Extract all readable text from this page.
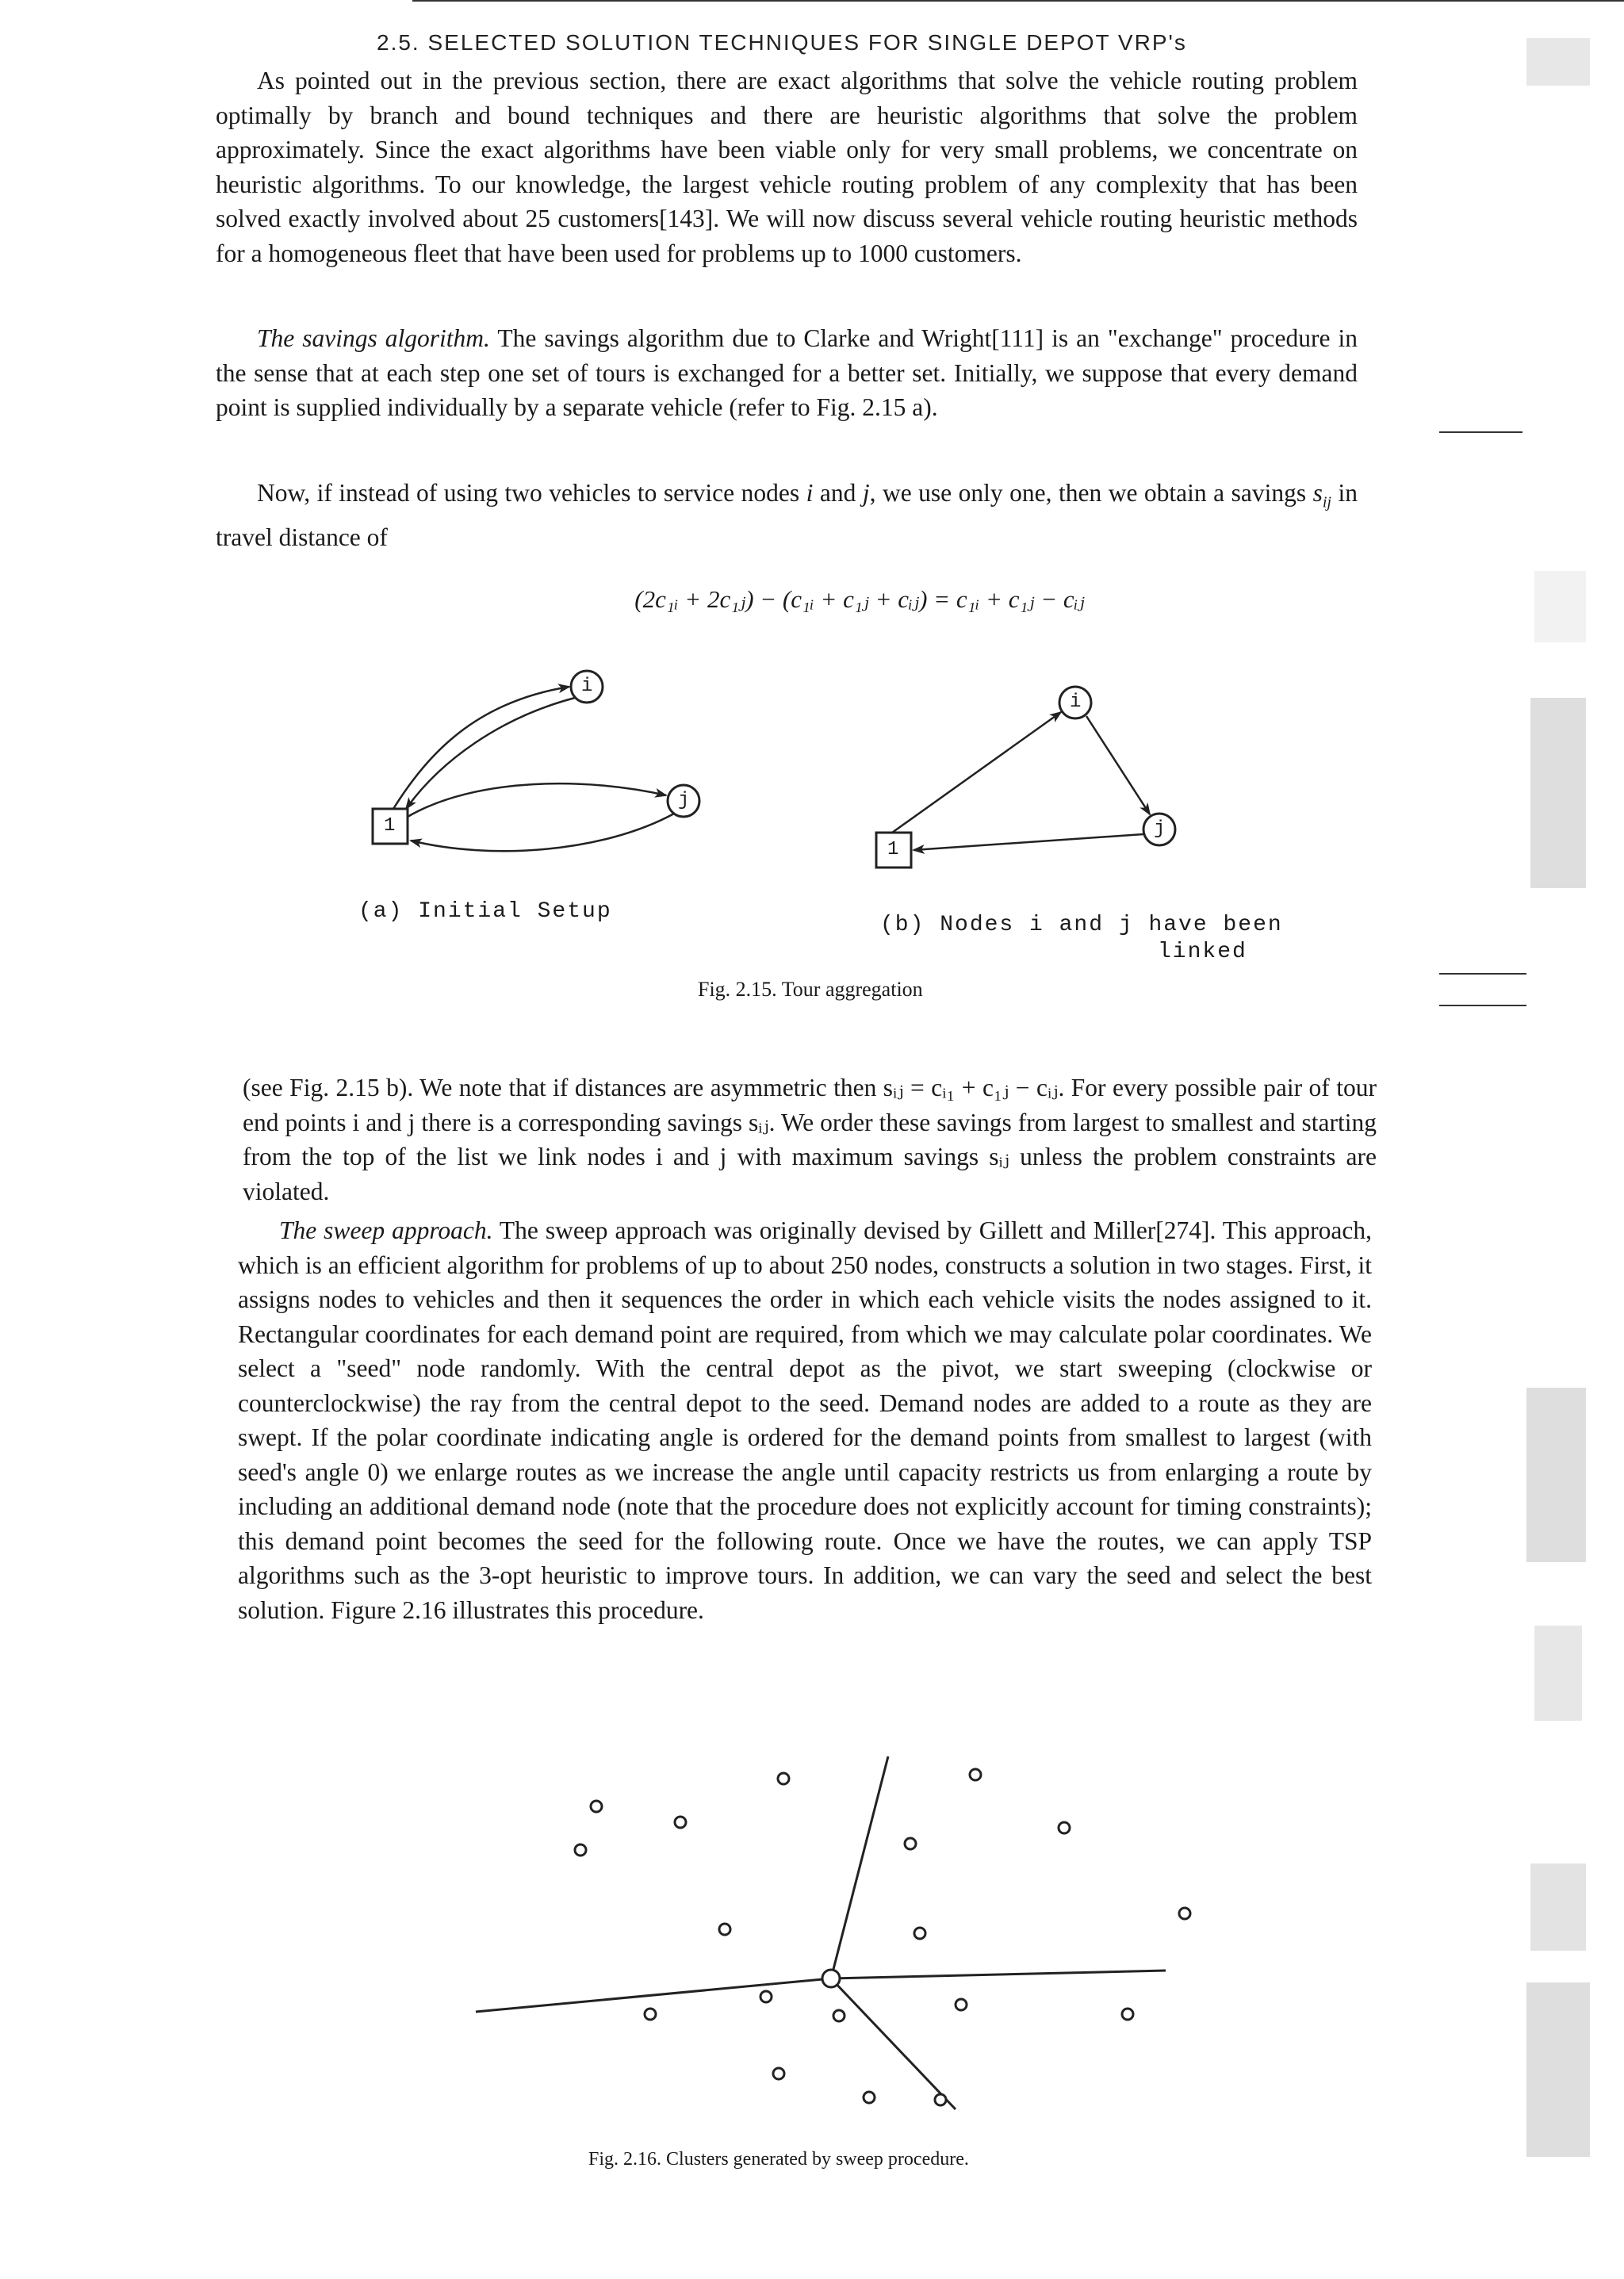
2.5. SELECTED SOLUTION TECHNIQUES FOR SINGLE DEPOT VRP's

As pointed out in the previous section, there are exact algorithms that solve the vehicle routing problem optimally by branch and bound techniques and there are heuristic algorithms that solve the problem approximately. Since the exact algorithms have been viable only for very small problems, we concentrate on heuristic algorithms. To our knowledge, the largest vehicle routing problem of any complexity that has been solved exactly involved about 25 customers[143]. We will now discuss several vehicle routing heuristic methods for a homogeneous fleet that have been used for problems up to 1000 customers.

The savings algorithm. The savings algorithm due to Clarke and Wright[111] is an "exchange" procedure in the sense that at each step one set of tours is exchanged for a better set. Initially, we suppose that every demand point is supplied individually by a separate vehicle (refer to Fig. 2.15 a).

Now, if instead of using two vehicles to service nodes i and j, we use only one, then we obtain a savings $s_{ij}$ in travel distance of

(2c₁ᵢ + 2c₁ⱼ) − (c₁ᵢ + c₁ⱼ + cᵢⱼ) = c₁ᵢ + c₁ⱼ − cᵢⱼ
1
i
j
1
i
j
(a) Initial Setup
(b) Nodes i and j have been
linked
Fig. 2.15. Tour aggregation

(see Fig. 2.15 b). We note that if distances are asymmetric then sᵢⱼ = cᵢ₁ + c₁ⱼ − cᵢⱼ. For every possible pair of tour end points i and j there is a corresponding savings sᵢⱼ. We order these savings from largest to smallest and starting from the top of the list we link nodes i and j with maximum savings sᵢⱼ unless the problem constraints are violated.

The sweep approach. The sweep approach was originally devised by Gillett and Miller[274]. This approach, which is an efficient algorithm for problems of up to about 250 nodes, constructs a solution in two stages. First, it assigns nodes to vehicles and then it sequences the order in which each vehicle visits the nodes assigned to it. Rectangular coordinates for each demand point are required, from which we may calculate polar coordinates. We select a "seed" node randomly. With the central depot as the pivot, we start sweeping (clockwise or counterclockwise) the ray from the central depot to the seed. Demand nodes are added to a route as they are swept. If the polar coordinate indicating angle is ordered for the demand points from smallest to largest (with seed's angle 0) we enlarge routes as we increase the angle until capacity restricts us from enlarging a route by including an additional demand node (note that the procedure does not explicitly account for timing constraints); this demand point becomes the seed for the following route. Once we have the routes, we can apply TSP algorithms such as the 3-opt heuristic to improve tours. In addition, we can vary the seed and select the best solution. Figure 2.16 illustrates this procedure.

Fig. 2.16. Clusters generated by sweep procedure.
